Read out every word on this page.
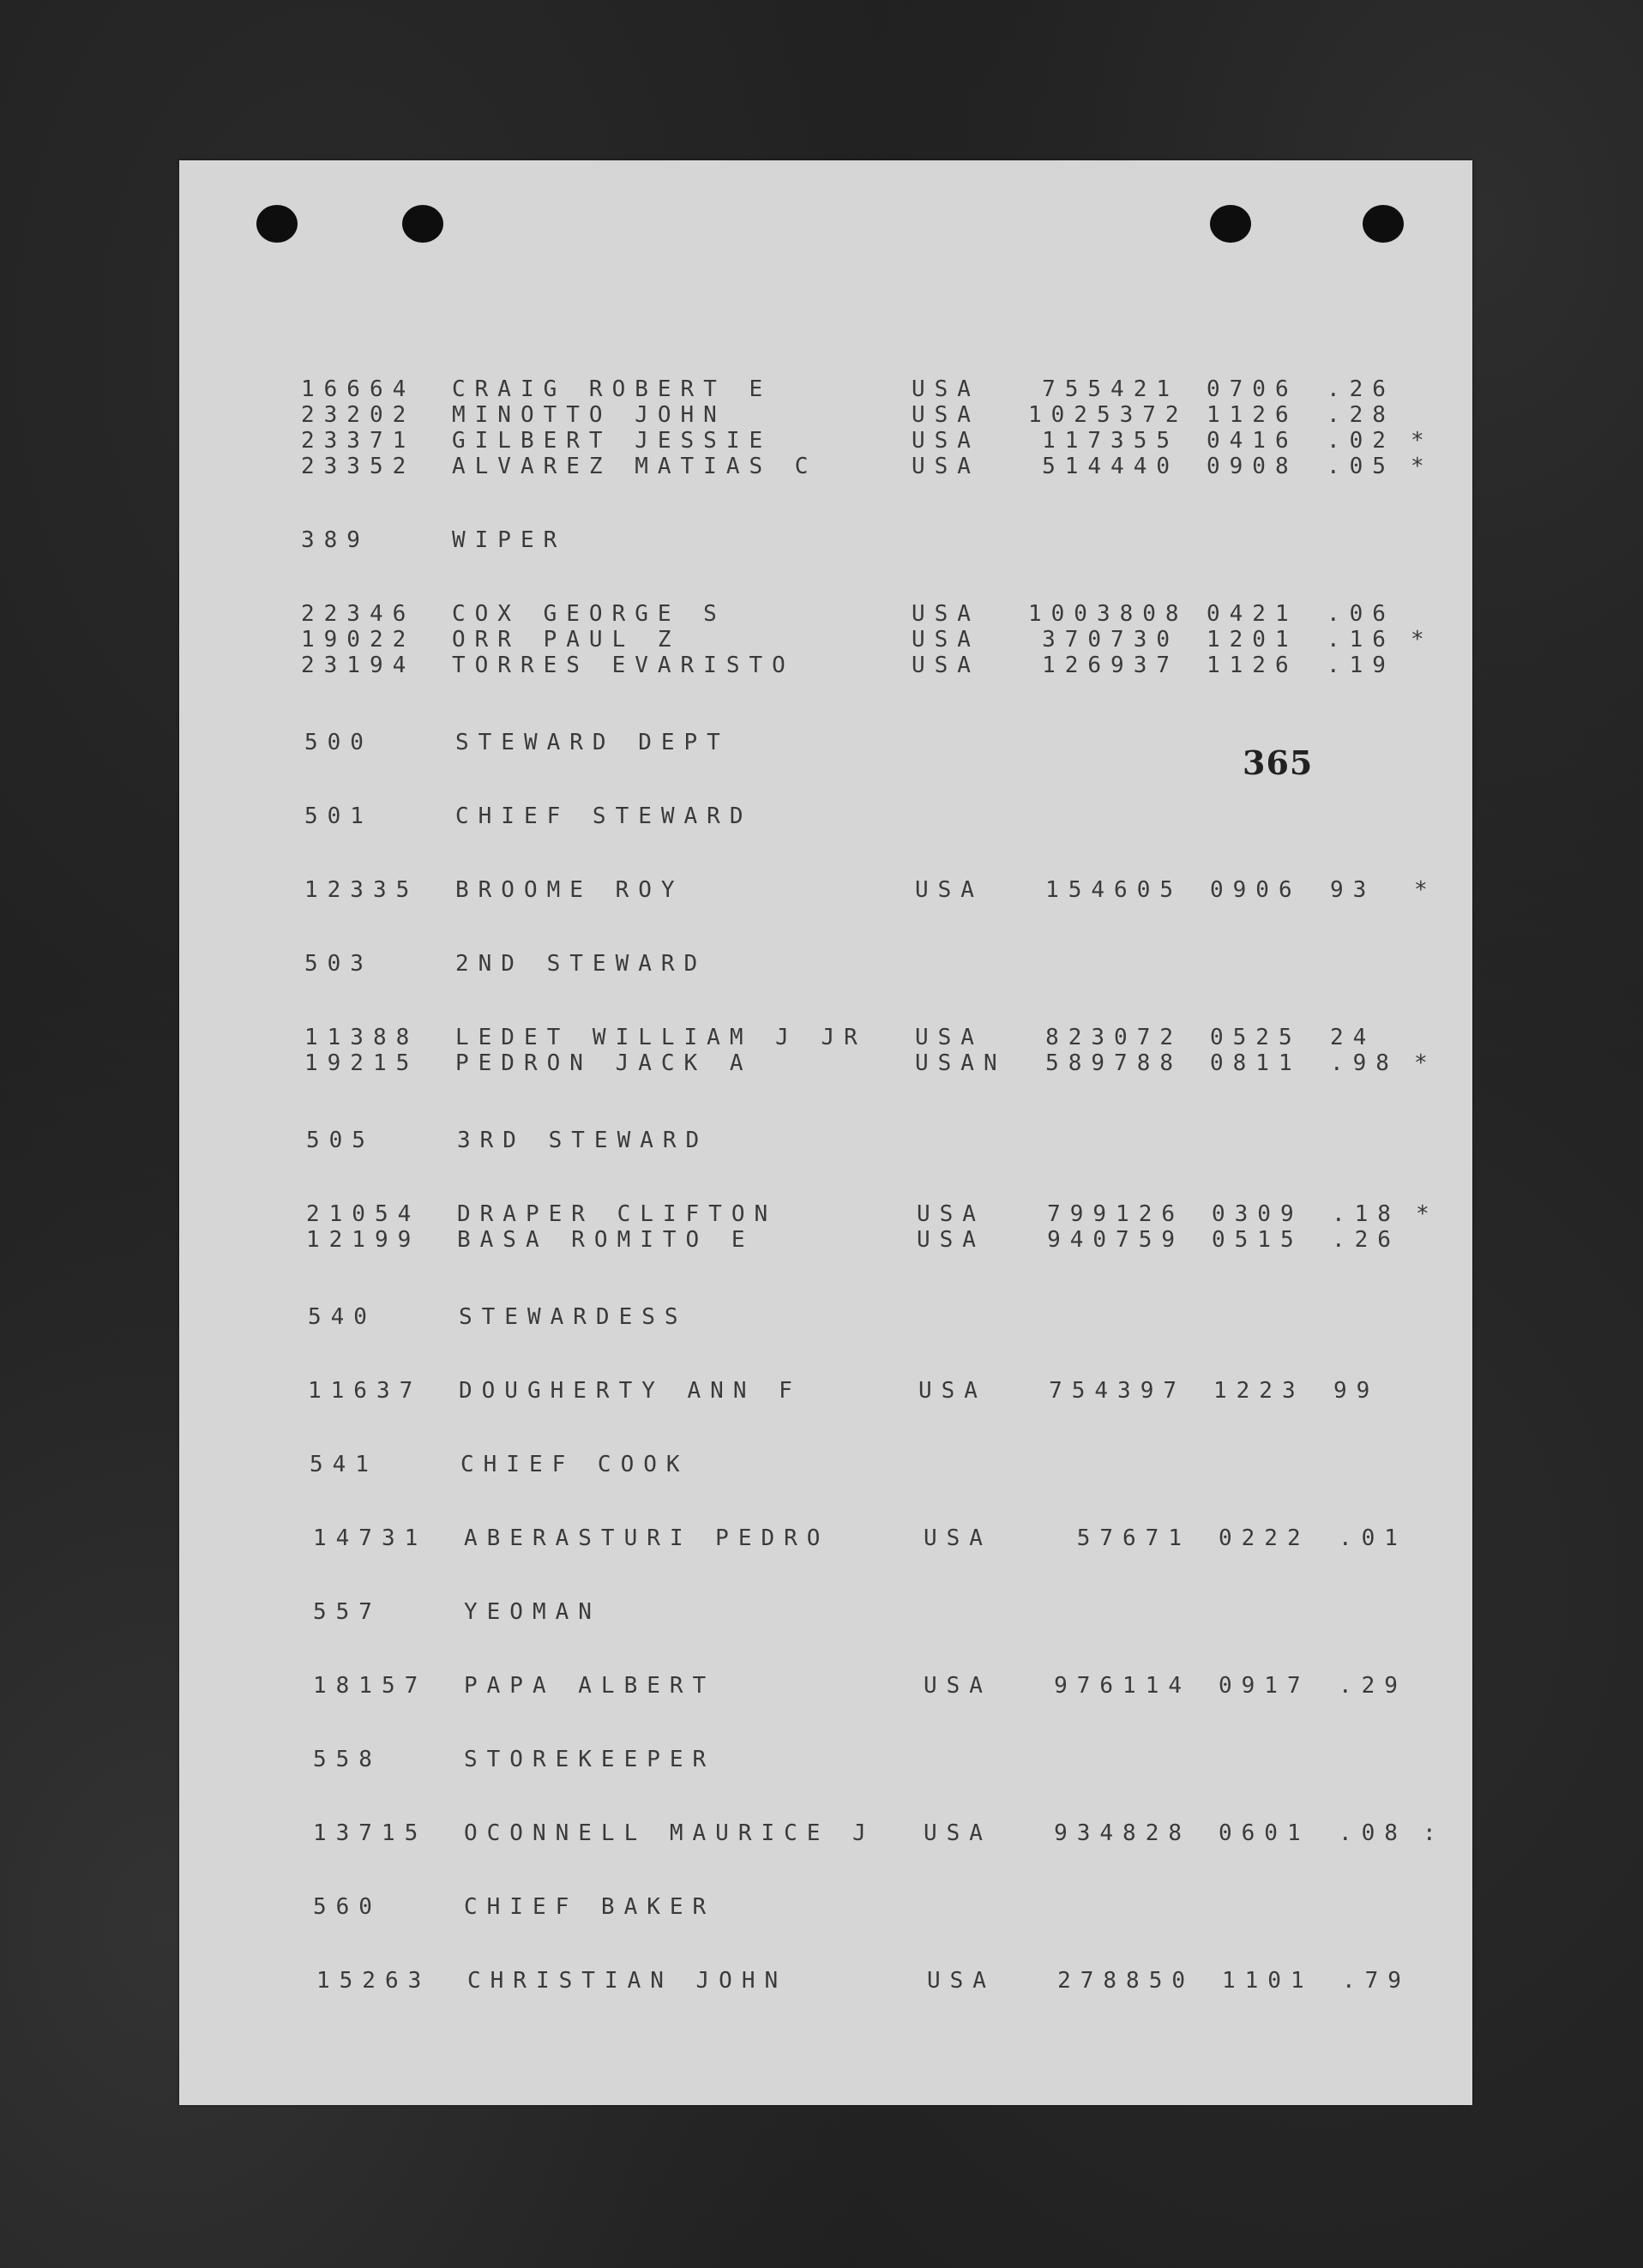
365
16664 CRAIG ROBERT E	USA	755421 0706 .26
23202 MINOTTO JOHN	USA 1025372 1126 .28
23371 GILBERT JESSIE	USA	117355 0416 .02 *
23352 ALVAREZ MATIAS C	USA	514440 0908 .05 *
389	WIPER
22346 COX GEORGE S	USA 1003808 0421 .06
19022 ORR PAUL Z	USA	370730 1201 .16 *
23194 TORRES EVARISTO	USA	126937 1126 .19
500	STEWARD DEPT
501	CHIEF STEWARD
12335 BROOME ROY	USA	154605 0906 93 *
503	2ND STEWARD
11388 LEDET WILLIAM J JR USA	823072 0525 24
19215 PEDRON JACK A	USAN	589788 0811 .98 *
505	3RD STEWARD
21054 DRAPER CLIFTON	USA	799126 0309 .18 *
12199 BASA ROMITO E	USA	940759 0515 .26
540	STEWARDESS
11637 DOUGHERTY ANN F	USA	754397 1223 99
541	CHIEF COOK
14731 ABERASTURI PEDRO	USA	57671 0222 .01
557	YEOMAN
18157 PAPA ALBERT	USA	976114 0917 .29
558	STOREKEEPER
13715 OCONNELL MAURICE J USA	934828 0601 .08 :
560	CHIEF BAKER
15263 CHRISTIAN JOHN	USA	278850 1101 .79
